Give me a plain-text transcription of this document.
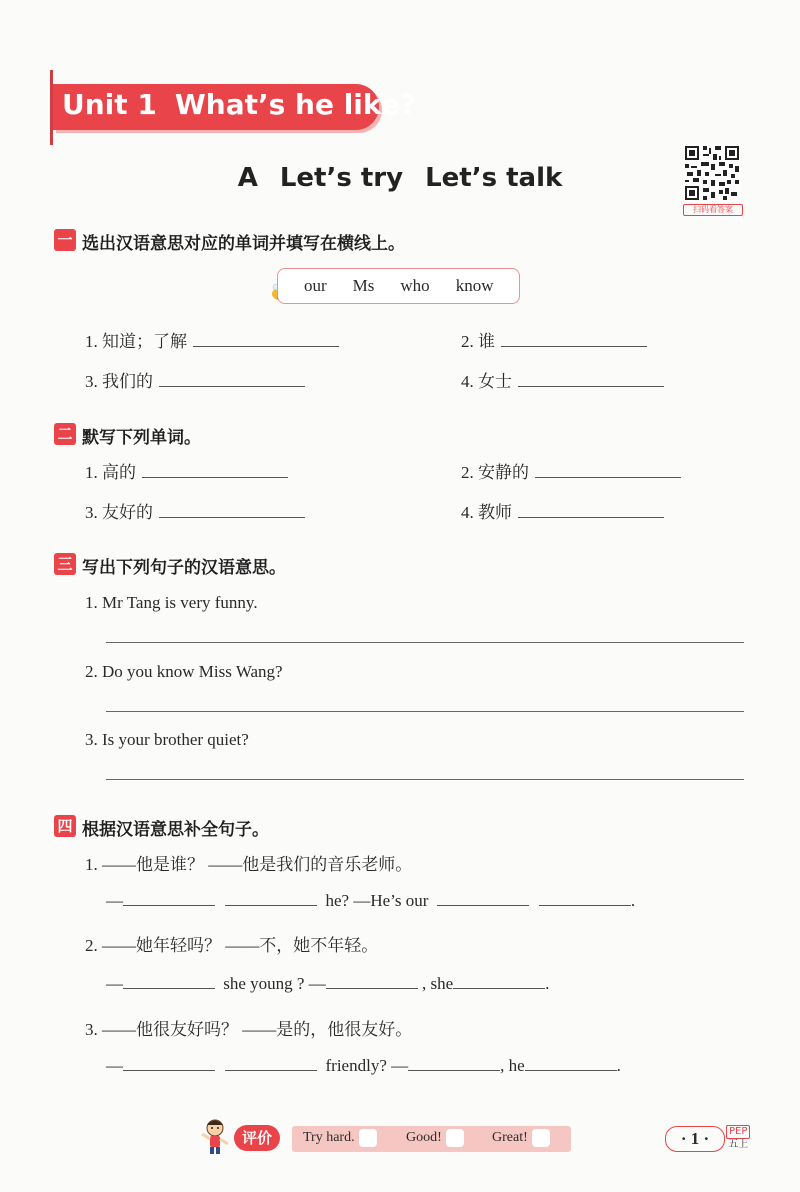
Unit 1 What’s he like?
A Let’s try Let’s talk
扫码看答案
一 选出汉语意思对应的单词并填写在横线上。
our Ms who know
1. 知道；了解	2. 谁
3. 我们的	4. 女士
二 默写下列单词。
1. 高的	2. 安静的
3. 友好的	4. 教师
三 写出下列句子的汉语意思。
1. Mr Tang is very funny.
2. Do you know Miss Wang?
3. Is your brother quiet?
四 根据汉语意思补全句子。
1. ——他是谁？ ——他是我们的音乐老师。
—	he? —He’s our	.
2. ——她年轻吗？ ——不，她不年轻。
—	she young ? —	, she	.
3. ——他很友好吗？ ——是的，他很友好。
—	friendly? —	, he	.
评价	Try hard.	Good!	Great!	· 1 ·	PEP
五上
